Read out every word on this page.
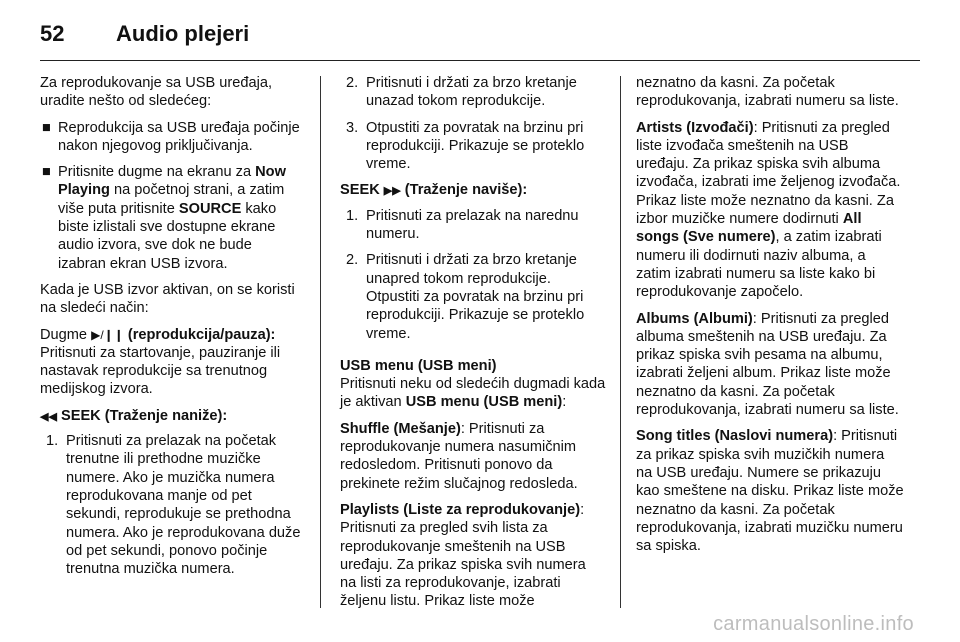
52	Audio plejeri

Za reprodukovanje sa USB uređaja, uradite nešto od sledećeg:

■ Reprodukcija sa USB uređaja počinje nakon njegovog priključivanja.
■ Pritisnite dugme na ekranu za Now Playing na početnoj strani, a zatim više puta pritisnite SOURCE kako biste izlistali sve dostupne ekrane audio izvora, sve dok ne bude izabran ekran USB izvora.

Kada je USB izvor aktivan, on se koristi na sledeći način:

Dugme ▶/❙❙ (reprodukcija/pauza):

Pritisnuti za startovanje, pauziranje ili nastavak reprodukcije sa trenutnog medijskog izvora.

◀◀ SEEK (Traženje naniže):

1. Pritisnuti za prelazak na početak trenutne ili prethodne muzičke numere. Ako je muzička numera reprodukovana manje od pet sekundi, reprodukuje se prethodna numera. Ako je reprodukovana duže od pet sekundi, ponovo počinje trenutna muzička numera.
2. Pritisnuti i držati za brzo kretanje unazad tokom reprodukcije.
3. Otpustiti za povratak na brzinu pri reprodukciji. Prikazuje se proteklo vreme.

SEEK ▶▶ (Traženje naviše):

1. Pritisnuti za prelazak na narednu numeru.
2. Pritisnuti i držati za brzo kretanje unapred tokom reprodukcije. Otpustiti za povratak na brzinu pri reprodukciji. Prikazuje se proteklo vreme.

USB menu (USB meni)

Pritisnuti neku od sledećih dugmadi kada je aktivan USB menu (USB meni):

Shuffle (Mešanje): Pritisnuti za reprodukovanje numera nasumičnim redosledom. Pritisnuti ponovo da prekinete režim slučajnog redosleda.

Playlists (Liste za reprodukovanje): Pritisnuti za pregled svih lista za reprodukovanje smeštenih na USB uređaju. Za prikaz spiska svih numera na listi za reprodukovanje, izabrati željenu listu. Prikaz liste može

neznatno da kasni. Za početak reprodukovanja, izabrati numeru sa liste.

Artists (Izvođači): Pritisnuti za pregled liste izvođača smeštenih na USB uređaju. Za prikaz spiska svih albuma izvođača, izabrati ime željenog izvođača. Prikaz liste može neznatno da kasni. Za izbor muzičke numere dodirnuti All songs (Sve numere), a zatim izabrati numeru ili dodirnuti naziv albuma, a zatim izabrati numeru sa liste kako bi reprodukovanje započelo.

Albums (Albumi): Pritisnuti za pregled albuma smeštenih na USB uređaju. Za prikaz spiska svih pesama na albumu, izabrati željeni album. Prikaz liste može neznatno da kasni. Za početak reprodukovanja, izabrati numeru sa liste.

Song titles (Naslovi numera): Pritisnuti za prikaz spiska svih muzičkih numera na USB uređaju. Numere se prikazuju kao smeštene na disku. Prikaz liste može neznatno da kasni. Za početak reprodukovanja, izabrati muzičku numeru sa spiska.

carmanualsonline.info
